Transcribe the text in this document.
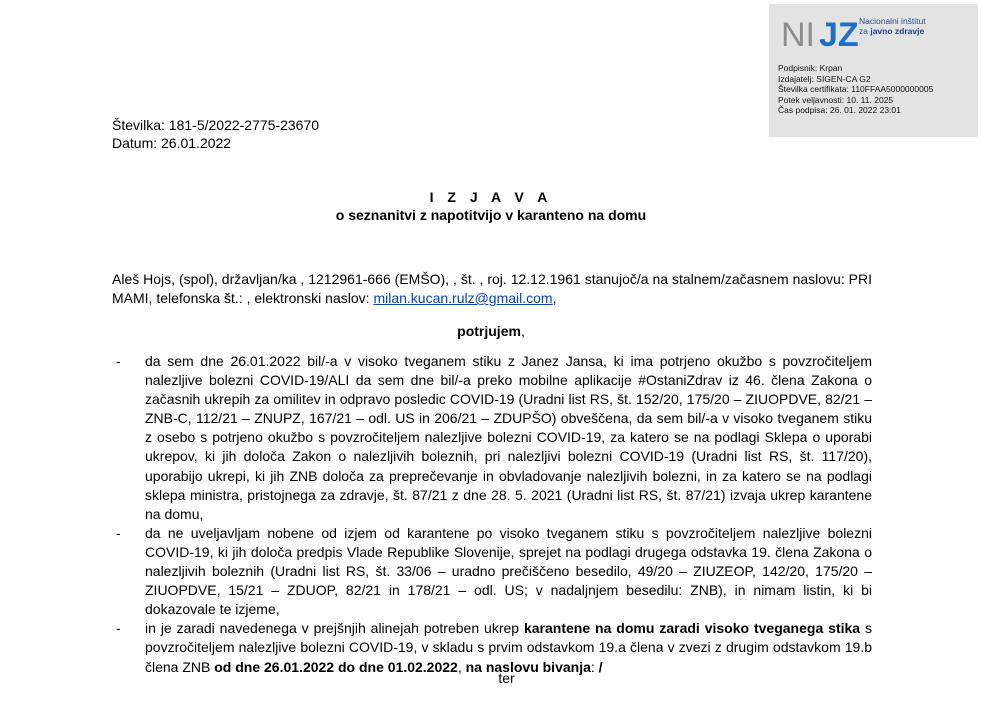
NI JZ Nacionalni inštitut
za javno zdravje
Podpisnik: Krpan
Izdajatelj: SIGEN-CA G2
Številka certifikata: 110FFAA5000000005
Potek veljavnosti: 10. 11. 2025
Čas podpisa: 26. 01. 2022 23:01
Številka: 181-5/2022-2775-23670
Datum: 26.01.2022
I Z J A V A
o seznanitvi z napotitvijo v karanteno na domu
Aleš Hojs, (spol), državljan/ka , 1212961-666 (EMŠO), , št. , roj. 12.12.1961 stanujoč/a na stalnem/začasnem naslovu: PRI MAMI, telefonska št.: , elektronski naslov: milan.kucan.rulz@gmail.com,
potrjujem,
- da sem dne 26.01.2022 bil/-a v visoko tveganem stiku z Janez Jansa, ki ima potrjeno okužbo s povzročiteljem nalezljive bolezni COVID-19/ALI da sem dne bil/-a preko mobilne aplikacije #OstaniZdrav iz 46. člena Zakona o začasnih ukrepih za omilitev in odpravo posledic COVID-19 (Uradni list RS, št. 152/20, 175/20 – ZIUOPDVE, 82/21 – ZNB-C, 112/21 – ZNUPZ, 167/21 – odl. US in 206/21 – ZDUPŠO) obveščena, da sem bil/-a v visoko tveganem stiku z osebo s potrjeno okužbo s povzročiteljem nalezljive bolezni COVID-19, za katero se na podlagi Sklepa o uporabi ukrepov, ki jih določa Zakon o nalezljivih boleznih, pri nalezljivi bolezni COVID-19 (Uradni list RS, št. 117/20), uporabijo ukrepi, ki jih ZNB določa za preprečevanje in obvladovanje nalezljivih bolezni, in za katero se na podlagi sklepa ministra, pristojnega za zdravje, št. 87/21 z dne 28. 5. 2021 (Uradni list RS, št. 87/21) izvaja ukrep karantene na domu,
- da ne uveljavljam nobene od izjem od karantene po visoko tveganem stiku s povzročiteljem nalezljive bolezni COVID-19, ki jih določa predpis Vlade Republike Slovenije, sprejet na podlagi drugega odstavka 19. člena Zakona o nalezljivih boleznih (Uradni list RS, št. 33/06 – uradno prečiščeno besedilo, 49/20 – ZIUZEOP, 142/20, 175/20 – ZIUOPDVE, 15/21 – ZDUOP, 82/21 in 178/21 – odl. US; v nadaljnjem besedilu: ZNB), in nimam listin, ki bi dokazovale te izjeme,
- in je zaradi navedenega v prejšnjih alinejah potreben ukrep karantene na domu zaradi visoko tveganega stika s povzročiteljem nalezljive bolezni COVID-19, v skladu s prvim odstavkom 19.a člena v zvezi z drugim odstavkom 19.b člena ZNB od dne 26.01.2022 do dne 01.02.2022, na naslovu bivanja: /
ter
